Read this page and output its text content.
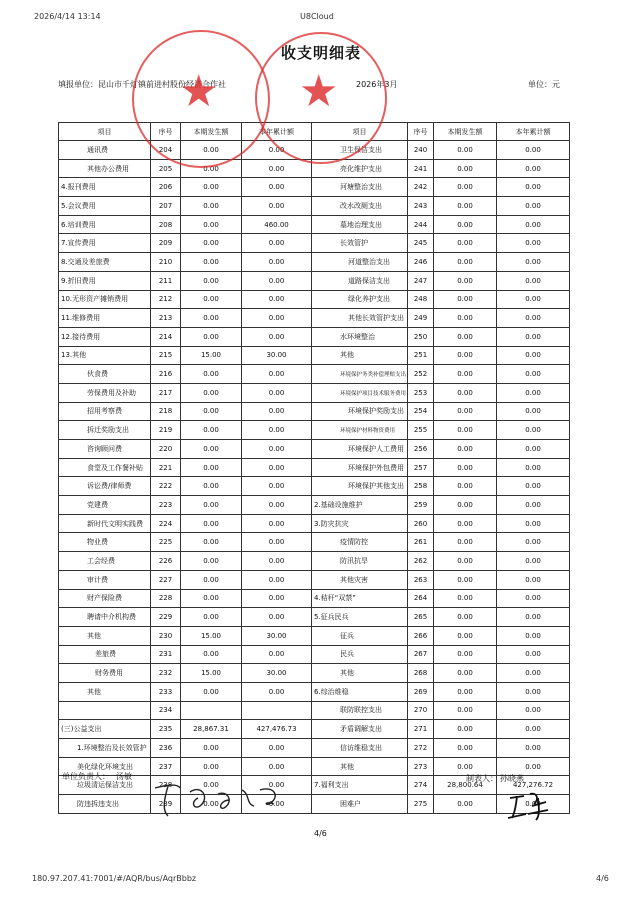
2026/4/14 13:14	U8Cloud
收支明细表
填报单位：昆山市千灯镇前进村股份经济合作社	2026年3月	单位：元
项目	序号	本期发生额	本年累计额	项目	序号	本期发生额	本年累计额
通讯费	204	0.00	0.00	卫生保洁支出	240	0.00	0.00
其他办公费用	205	0.00	0.00	亮化维护支出	241	0.00	0.00
4.报刊费用	206	0.00	0.00	河塘整治支出	242	0.00	0.00
5.会议费用	207	0.00	0.00	改水改厕支出	243	0.00	0.00
6.培训费用	208	0.00	460.00	墓地治理支出	244	0.00	0.00
7.宣传费用	209	0.00	0.00	长效管护	245	0.00	0.00
8.交通及差旅费	210	0.00	0.00	河道整治支出	246	0.00	0.00
9.折旧费用	211	0.00	0.00	道路保洁支出	247	0.00	0.00
10.无形资产摊销费用	212	0.00	0.00	绿化养护支出	248	0.00	0.00
11.维修费用	213	0.00	0.00	其他长效管护支出	249	0.00	0.00
12.接待费用	214	0.00	0.00	水环境整治	250	0.00	0.00
13.其他	215	15.00	30.00	其他	251	0.00	0.00
伙食费	216	0.00	0.00	环境保护务类补偿理赔支出	252	0.00	0.00
劳保费用及补助	217	0.00	0.00	环境保护项目技术服务费用	253	0.00	0.00
招用考察费	218	0.00	0.00	环境保护奖励支出	254	0.00	0.00
拆迁奖励支出	219	0.00	0.00	环境保护材料物资费用	255	0.00	0.00
咨询顾问费	220	0.00	0.00	环境保护人工费用	256	0.00	0.00
食堂及工作餐补贴	221	0.00	0.00	环境保护外包费用	257	0.00	0.00
诉讼费/律师费	222	0.00	0.00	环境保护其他支出	258	0.00	0.00
党建费	223	0.00	0.00	2.基础设施维护	259	0.00	0.00
新时代文明实践费	224	0.00	0.00	3.防灾抗灾	260	0.00	0.00
物业费	225	0.00	0.00	疫情防控	261	0.00	0.00
工会经费	226	0.00	0.00	防汛抗旱	262	0.00	0.00
审计费	227	0.00	0.00	其他灾害	263	0.00	0.00
财产保险费	228	0.00	0.00	4.秸秆“双禁”	264	0.00	0.00
聘请中介机构费	229	0.00	0.00	5.征兵民兵	265	0.00	0.00
其他	230	15.00	30.00	征兵	266	0.00	0.00
差旅费	231	0.00	0.00	民兵	267	0.00	0.00
财务费用	232	15.00	30.00	其他	268	0.00	0.00
其他	233	0.00	0.00	6.综治维稳	269	0.00	0.00
	234			联防联控支出	270	0.00	0.00
(三)公益支出	235	28,867.31	427,476.73	矛盾调解支出	271	0.00	0.00
1.环境整治及长效管护	236	0.00	0.00	信访维稳支出	272	0.00	0.00
美化绿化环境支出	237	0.00	0.00	其他	273	0.00	0.00
垃圾清运保洁支出	238	0.00	0.00	7.福利支出	274	28,800.64	427,276.72
防违拆违支出	239	0.00	0.00	困难户	275	0.00	0.00
★ ★
单位负责人： 汤敏	制表人： 孙晓燕
4/6
180.97.207.41:7001/#/AQR/bus/AqrBbbz	4/6
